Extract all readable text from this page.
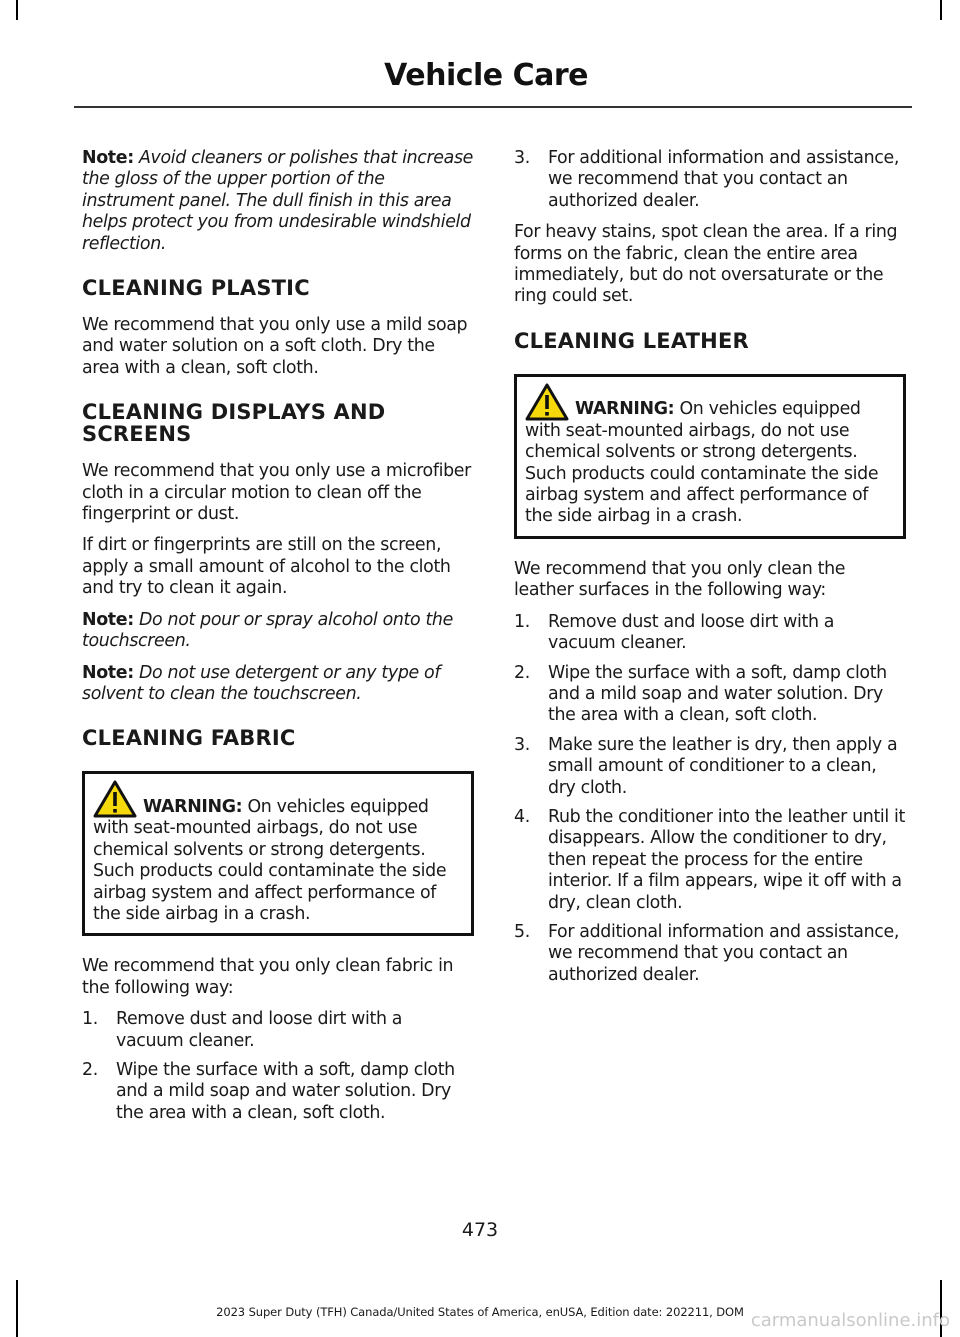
Vehicle Care

Note: Avoid cleaners or polishes that increase the gloss of the upper portion of the instrument panel. The dull finish in this area helps protect you from undesirable windshield reflection.

CLEANING PLASTIC

We recommend that you only use a mild soap and water solution on a soft cloth. Dry the area with a clean, soft cloth.

CLEANING DISPLAYS AND SCREENS

We recommend that you only use a microfiber cloth in a circular motion to clean off the fingerprint or dust.

If dirt or fingerprints are still on the screen, apply a small amount of alcohol to the cloth and try to clean it again.

Note: Do not pour or spray alcohol onto the touchscreen.

Note: Do not use detergent or any type of solvent to clean the touchscreen.

CLEANING FABRIC
WARNING: On vehicles equipped
with seat-mounted airbags, do not use chemical solvents or strong detergents. Such products could contaminate the side airbag system and affect performance of the side airbag in a crash.

We recommend that you only clean fabric in the following way:

1.	Remove dust and loose dirt with a vacuum cleaner.
2.	Wipe the surface with a soft, damp cloth and a mild soap and water solution. Dry the area with a clean, soft cloth.
3.	For additional information and assistance, we recommend that you contact an authorized dealer.

For heavy stains, spot clean the area. If a ring forms on the fabric, clean the entire area immediately, but do not oversaturate or the ring could set.

CLEANING LEATHER
WARNING: On vehicles equipped
with seat-mounted airbags, do not use chemical solvents or strong detergents. Such products could contaminate the side airbag system and affect performance of the side airbag in a crash.

We recommend that you only clean the leather surfaces in the following way:

1.	Remove dust and loose dirt with a vacuum cleaner.
2.	Wipe the surface with a soft, damp cloth and a mild soap and water solution. Dry the area with a clean, soft cloth.
3.	Make sure the leather is dry, then apply a small amount of conditioner to a clean, dry cloth.
4.	Rub the conditioner into the leather until it disappears. Allow the conditioner to dry, then repeat the process for the entire interior. If a film appears, wipe it off with a dry, clean cloth.
5.	For additional information and assistance, we recommend that you contact an authorized dealer.
473
2023 Super Duty (TFH) Canada/United States of America, enUSA, Edition date: 202211, DOM carmanualsonline.info
